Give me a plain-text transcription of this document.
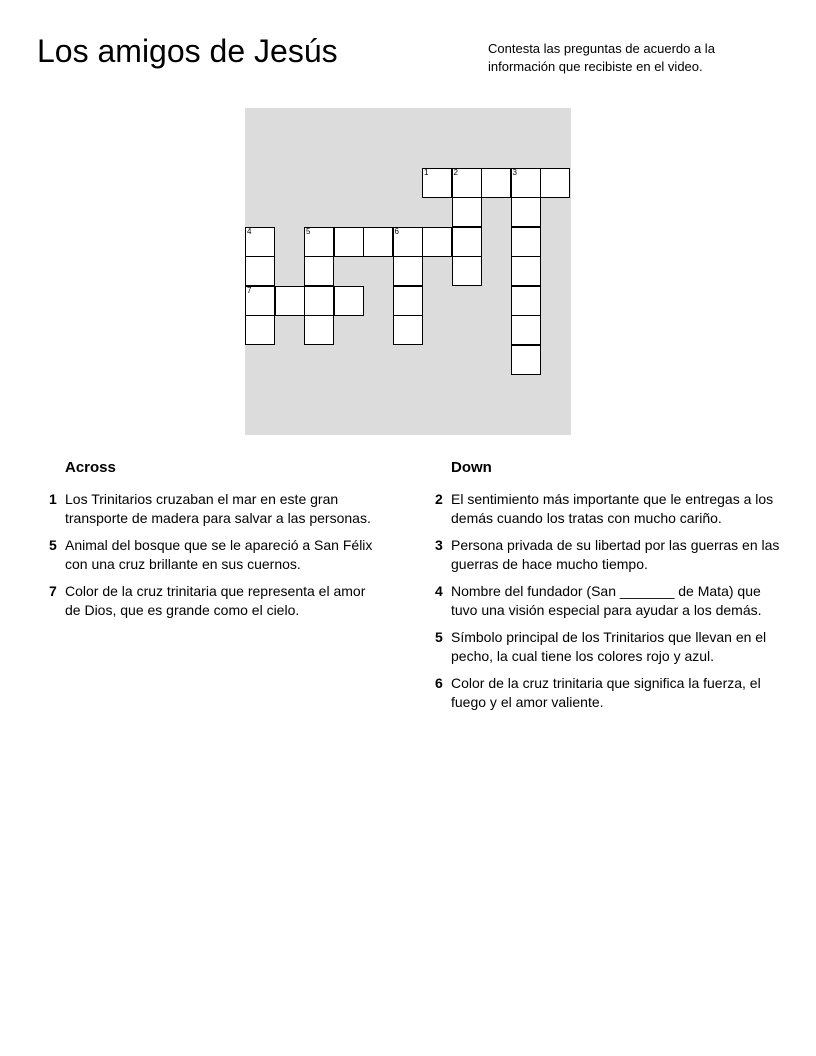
Los amigos de Jesús	Contesta las preguntas de acuerdo a la información que recibiste en el video.
1	2	3
4	5	6
7
Across
1 Los Trinitarios cruzaban el mar en este gran transporte de madera para salvar a las personas.
5 Animal del bosque que se le apareció a San Félix con una cruz brillante en sus cuernos.
7 Color de la cruz trinitaria que representa el amor de Dios, que es grande como el cielo.
Down
2 El sentimiento más importante que le entregas a los demás cuando los tratas con mucho cariño.
3 Persona privada de su libertad por las guerras en las guerras de hace mucho tiempo.
4 Nombre del fundador (San _______ de Mata) que tuvo una visión especial para ayudar a los demás.
5 Símbolo principal de los Trinitarios que llevan en el pecho, la cual tiene los colores rojo y azul.
6 Color de la cruz trinitaria que significa la fuerza, el fuego y el amor valiente.
